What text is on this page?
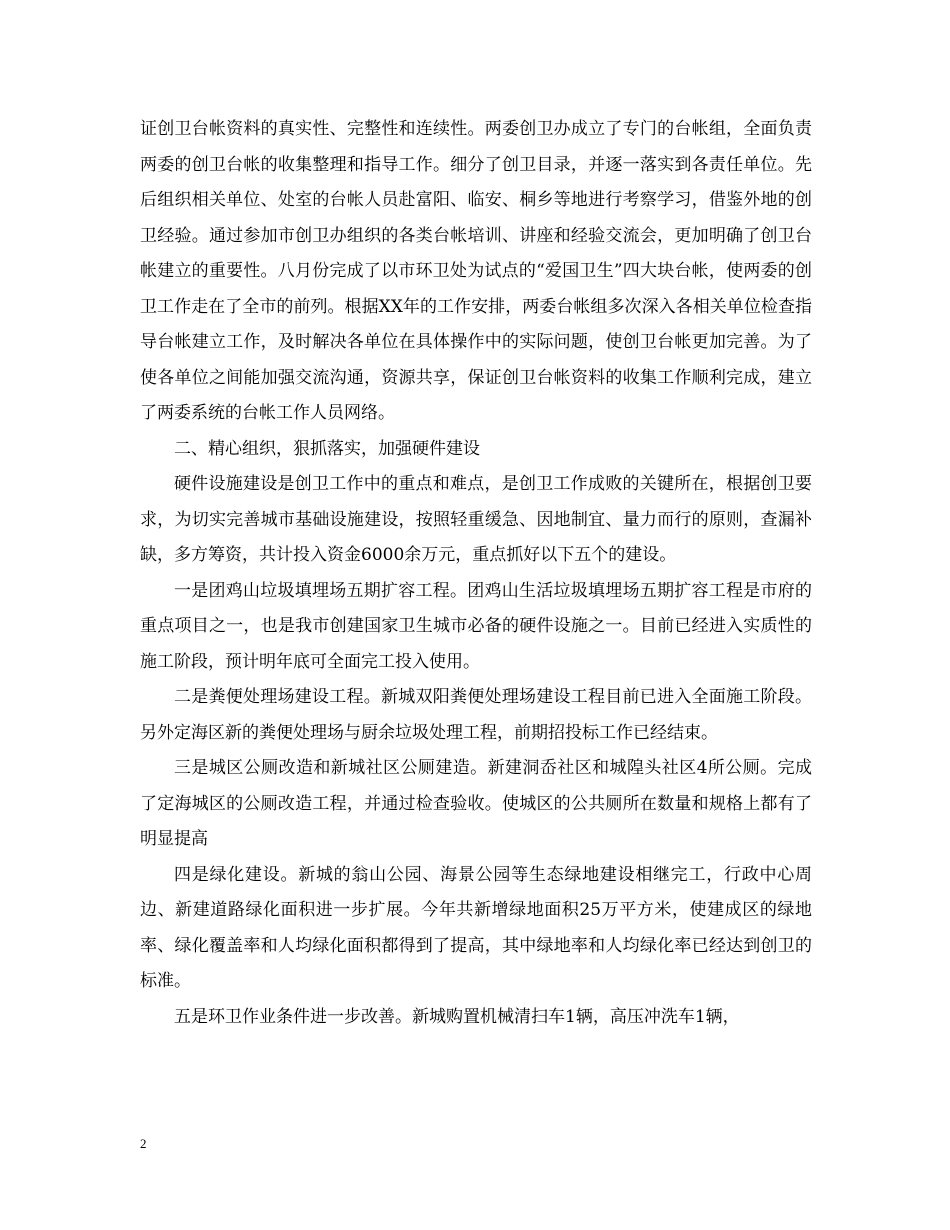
证创卫台帐资料的真实性、完整性和连续性。两委创卫办成立了专门的台帐组，全面负责两委的创卫台帐的收集整理和指导工作。细分了创卫目录，并逐一落实到各责任单位。先后组织相关单位、处室的台帐人员赴富阳、临安、桐乡等地进行考察学习，借鉴外地的创卫经验。通过参加市创卫办组织的各类台帐培训、讲座和经验交流会，更加明确了创卫台帐建立的重要性。八月份完成了以市环卫处为试点的“爱国卫生”四大块台帐，使两委的创卫工作走在了全市的前列。根据XX年的工作安排，两委台帐组多次深入各相关单位检查指导台帐建立工作，及时解决各单位在具体操作中的实际问题，使创卫台帐更加完善。为了使各单位之间能加强交流沟通，资源共享，保证创卫台帐资料的收集工作顺利完成，建立了两委系统的台帐工作人员网络。

二、精心组织，狠抓落实，加强硬件建设

硬件设施建设是创卫工作中的重点和难点，是创卫工作成败的关键所在，根据创卫要求，为切实完善城市基础设施建设，按照轻重缓急、因地制宜、量力而行的原则，查漏补缺，多方筹资，共计投入资金6000余万元，重点抓好以下五个的建设。

一是团鸡山垃圾填埋场五期扩容工程。团鸡山生活垃圾填埋场五期扩容工程是市府的重点项目之一，也是我市创建国家卫生城市必备的硬件设施之一。目前已经进入实质性的施工阶段，预计明年底可全面完工投入使用。

二是粪便处理场建设工程。新城双阳粪便处理场建设工程目前已进入全面施工阶段。另外定海区新的粪便处理场与厨余垃圾处理工程，前期招投标工作已经结束。

三是城区公厕改造和新城社区公厕建造。新建洞岙社区和城隍头社区4所公厕。完成了定海城区的公厕改造工程，并通过检查验收。使城区的公共厕所在数量和规格上都有了明显提高

四是绿化建设。新城的翁山公园、海景公园等生态绿地建设相继完工，行政中心周边、新建道路绿化面积进一步扩展。今年共新增绿地面积25万平方米，使建成区的绿地率、绿化覆盖率和人均绿化面积都得到了提高，其中绿地率和人均绿化率已经达到创卫的标准。

五是环卫作业条件进一步改善。新城购置机械清扫车1辆，高压冲洗车1辆，

2
